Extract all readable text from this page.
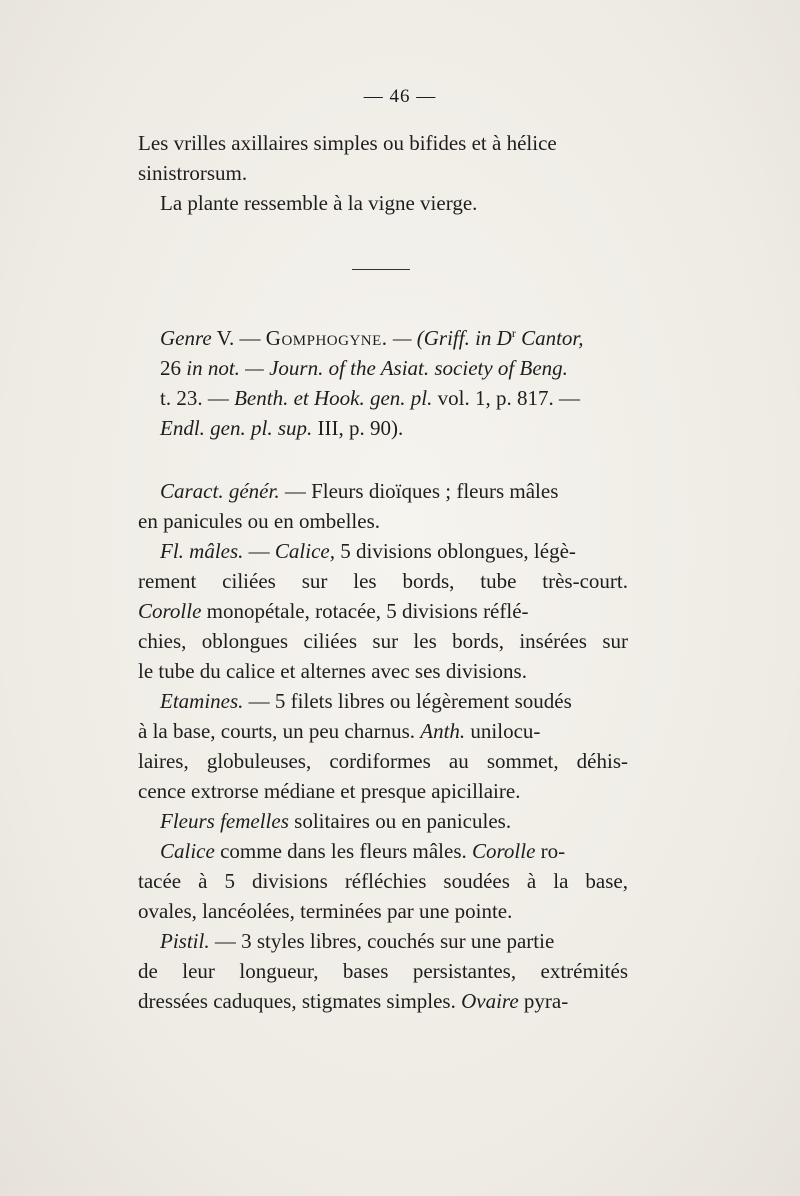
— 46 —
Les vrilles axillaires simples ou bifides et à hélice
sinistrorsum.
La plante ressemble à la vigne vierge.
Genre V. — Gomphogyne. — (Griff. in $D^r$ Cantor,
26 in not. — Journ. of the Asiat. society of Beng.
t. 23. — Benth. et Hook. gen. pl. vol. 1, p. 817. —
Endl. gen. pl. sup. III, p. 90).
Caract. génér. — Fleurs dioïques ; fleurs mâles
en panicules ou en ombelles.
Fl. mâles. — Calice, 5 divisions oblongues, légè-
rement ciliées sur les bords, tube très-court.
Corolle monopétale, rotacée, 5 divisions réflé-
chies, oblongues ciliées sur les bords, insérées sur
le tube du calice et alternes avec ses divisions.
Etamines. — 5 filets libres ou légèrement soudés
à la base, courts, un peu charnus. Anth. unilocu-
laires, globuleuses, cordiformes au sommet, déhis-
cence extrorse médiane et presque apicillaire.
Fleurs femelles solitaires ou en panicules.
Calice comme dans les fleurs mâles. Corolle ro-
tacée à 5 divisions réfléchies soudées à la base,
ovales, lancéolées, terminées par une pointe.
Pistil. — 3 styles libres, couchés sur une partie
de leur longueur, bases persistantes, extrémités
dressées caduques, stigmates simples. Ovaire pyra-
